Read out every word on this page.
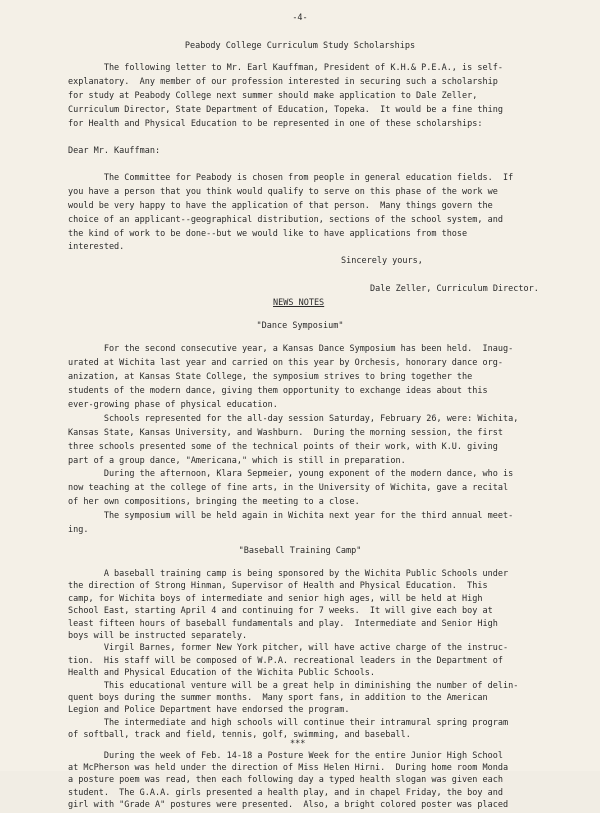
-4-
Peabody College Curriculum Study Scholarships
The following letter to Mr. Earl Kauffman, President of K.H.& P.E.A., is self-
explanatory.  Any member of our profession interested in securing such a scholarship
for study at Peabody College next summer should make application to Dale Zeller,
Curriculum Director, State Department of Education, Topeka.  It would be a fine thing
for Health and Physical Education to be represented in one of these scholarships:
Dear Mr. Kauffman:
The Committee for Peabody is chosen from people in general education fields.  If
you have a person that you think would qualify to serve on this phase of the work we
would be very happy to have the application of that person.  Many things govern the
choice of an applicant--geographical distribution, sections of the school system, and
the kind of work to be done--but we would like to have applications from those
interested.
Sincerely yours,
Dale Zeller, Curriculum Director.
NEWS NOTES
"Dance Symposium"
For the second consecutive year, a Kansas Dance Symposium has been held.  Inaug-
urated at Wichita last year and carried on this year by Orchesis, honorary dance org-
anization, at Kansas State College, the symposium strives to bring together the
students of the modern dance, giving them opportunity to exchange ideas about this
ever-growing phase of physical education.
Schools represented for the all-day session Saturday, February 26, were: Wichita,
Kansas State, Kansas University, and Washburn.  During the morning session, the first
three schools presented some of the technical points of their work, with K.U. giving
part of a group dance, "Americana," which is still in preparation.
During the afternoon, Klara Sepmeier, young exponent of the modern dance, who is
now teaching at the college of fine arts, in the University of Wichita, gave a recital
of her own compositions, bringing the meeting to a close.
The symposium will be held again in Wichita next year for the third annual meet-
ing.
"Baseball Training Camp"
A baseball training camp is being sponsored by the Wichita Public Schools under
the direction of Strong Hinman, Supervisor of Health and Physical Education.  This
camp, for Wichita boys of intermediate and senior high ages, will be held at High
School East, starting April 4 and continuing for 7 weeks.  It will give each boy at
least fifteen hours of baseball fundamentals and play.  Intermediate and Senior High
boys will be instructed separately.
Virgil Barnes, former New York pitcher, will have active charge of the instruc-
tion.  His staff will be composed of W.P.A. recreational leaders in the Department of
Health and Physical Education of the Wichita Public Schools.
This educational venture will be a great help in diminishing the number of delin-
quent boys during the summer months.  Many sport fans, in addition to the American
Legion and Police Department have endorsed the program.
The intermediate and high schools will continue their intramural spring program
of softball, track and field, tennis, golf, swimming, and baseball.
***
During the week of Feb. 14-18 a Posture Week for the entire Junior High School
at McPherson was held under the direction of Miss Helen Hirni.  During home room Monda
a posture poem was read, then each following day a typed health slogan was given each
student.  The G.A.A. girls presented a health play, and in chapel Friday, the boy and
girl with "Grade A" postures were presented.  Also, a bright colored poster was placed
